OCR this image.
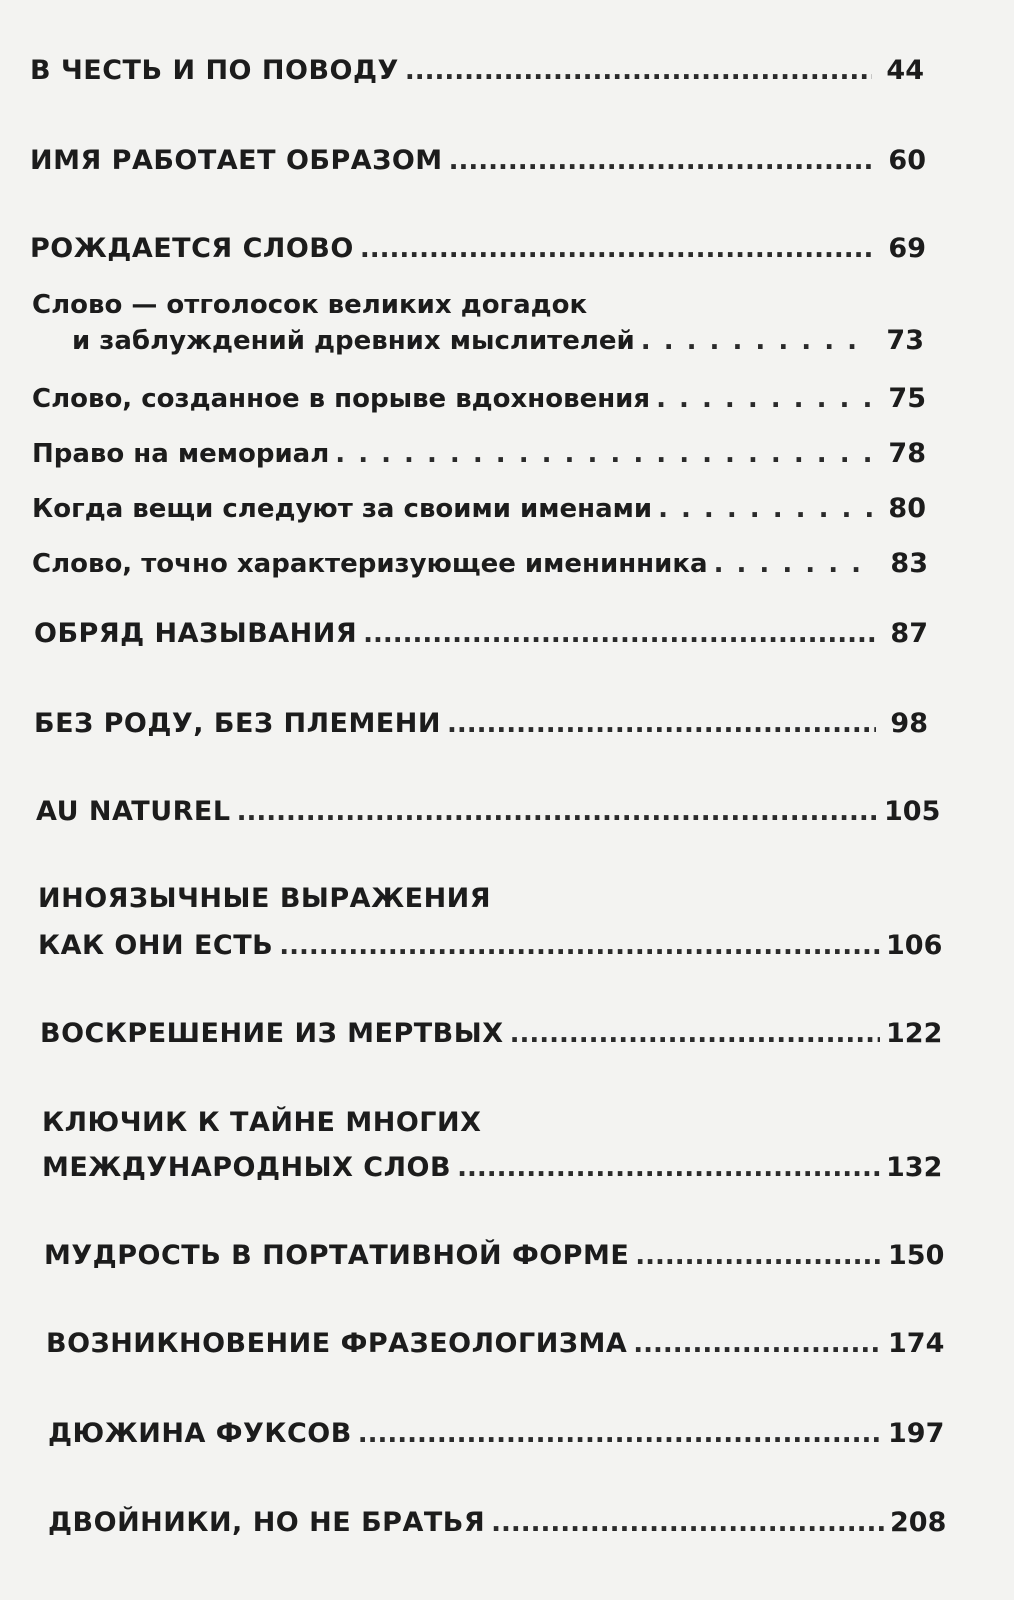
В ЧЕСТЬ И ПО ПОВОДУ .....	44
ИМЯ РАБОТАЕТ ОБРАЗОМ .....	60
РОЖДАЕТСЯ СЛОВО .....	69
Слово — отголосок великих догадок
и заблуждений древних мыслителей . . .	73
Слово, созданное в порыве вдохновения . . .	75
Право на мемориал . . .	78
Когда вещи следуют за своими именами . . .	80
Слово, точно характеризующее именинника . . .	83
ОБРЯД НАЗЫВАНИЯ .....	87
БЕЗ РОДУ, БЕЗ ПЛЕМЕНИ .....	98
AU NATUREL .....	105
ИНОЯЗЫЧНЫЕ ВЫРАЖЕНИЯ
КАК ОНИ ЕСТЬ .....	106
ВОСКРЕШЕНИЕ ИЗ МЕРТВЫХ .....	122
КЛЮЧИК К ТАЙНЕ МНОГИХ
МЕЖДУНАРОДНЫХ СЛОВ .....	132
МУДРОСТЬ В ПОРТАТИВНОЙ ФОРМЕ .....	150
ВОЗНИКНОВЕНИЕ ФРАЗЕОЛОГИЗМА .....	174
ДЮЖИНА ФУКСОВ .....	197
ДВОЙНИКИ, НО НЕ БРАТЬЯ .....	208
